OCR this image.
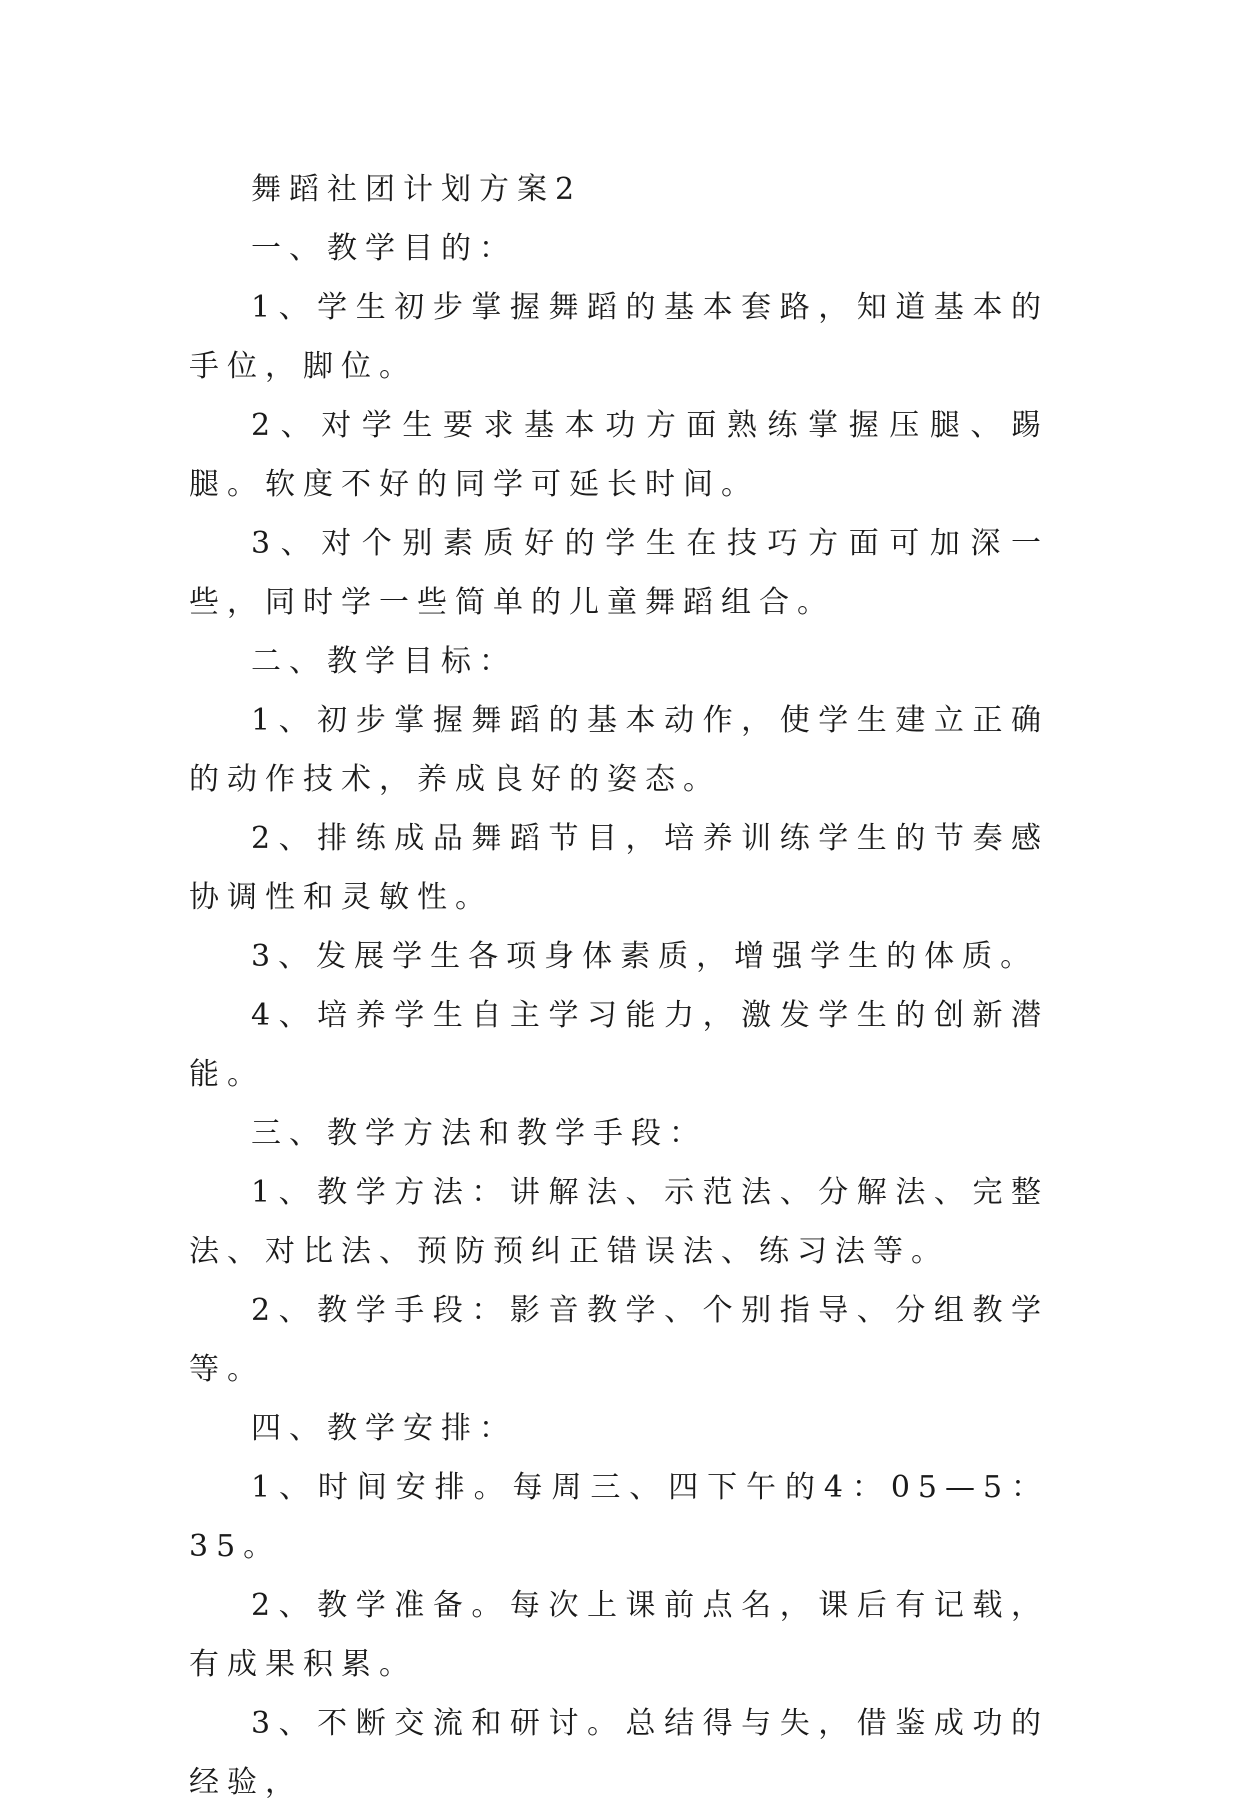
舞蹈社团计划方案2

一、教学目的：

1、学生初步掌握舞蹈的基本套路，知道基本的手位，脚位。

2、对学生要求基本功方面熟练掌握压腿、踢腿。软度不好的同学可延长时间。

3、对个别素质好的学生在技巧方面可加深一些，同时学一些简单的儿童舞蹈组合。

二、教学目标：

1、初步掌握舞蹈的基本动作，使学生建立正确的动作技术，养成良好的姿态。

2、排练成品舞蹈节目，培养训练学生的节奏感协调性和灵敏性。

3、发展学生各项身体素质，增强学生的体质。

4、培养学生自主学习能力，激发学生的创新潜能。

三、教学方法和教学手段：

1、教学方法：讲解法、示范法、分解法、完整法、对比法、预防预纠正错误法、练习法等。

2、教学手段：影音教学、个别指导、分组教学等。

四、教学安排：

1、时间安排。每周三、四下午的4：05—5：35。

2、教学准备。每次上课前点名，课后有记载，有成果积累。

3、不断交流和研讨。总结得与失，借鉴成功的经验，
